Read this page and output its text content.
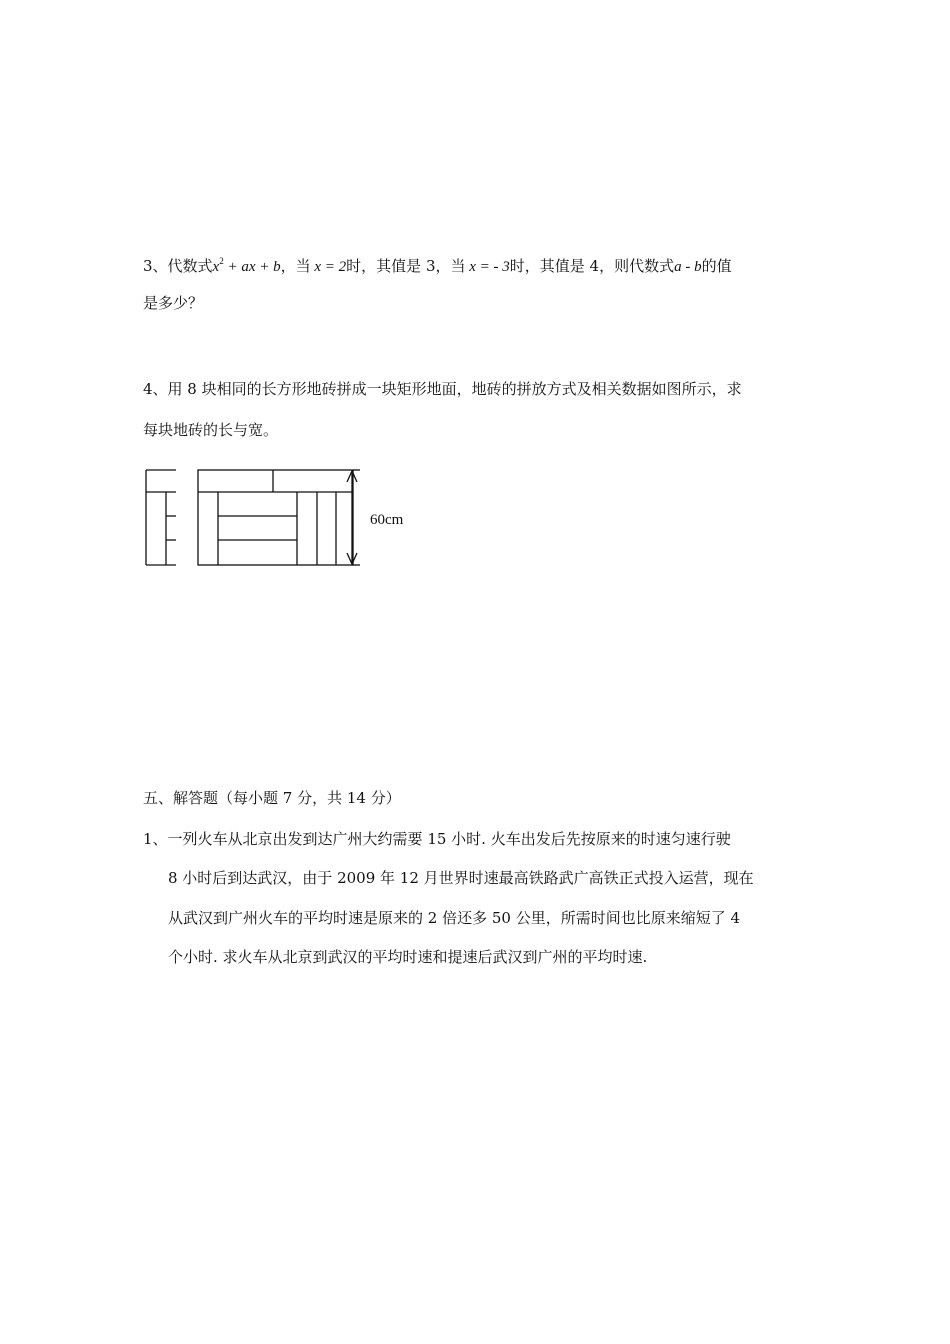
3、代数式$x^2$ + ax + b，当 x = 2时，其值是 3，当 x = - 3时，其值是 4，则代数式a - b的值
是多少？
4、用 8 块相同的长方形地砖拼成一块矩形地面，地砖的拼放方式及相关数据如图所示，求
每块地砖的长与宽。
60cm
五、解答题（每小题 7 分，共 14 分）
1、一列火车从北京出发到达广州大约需要 15 小时. 火车出发后先按原来的时速匀速行驶
8 小时后到达武汉，由于 2009 年 12 月世界时速最高铁路武广高铁正式投入运营，现在
从武汉到广州火车的平均时速是原来的 2 倍还多 50 公里，所需时间也比原来缩短了 4
个小时. 求火车从北京到武汉的平均时速和提速后武汉到广州的平均时速.
